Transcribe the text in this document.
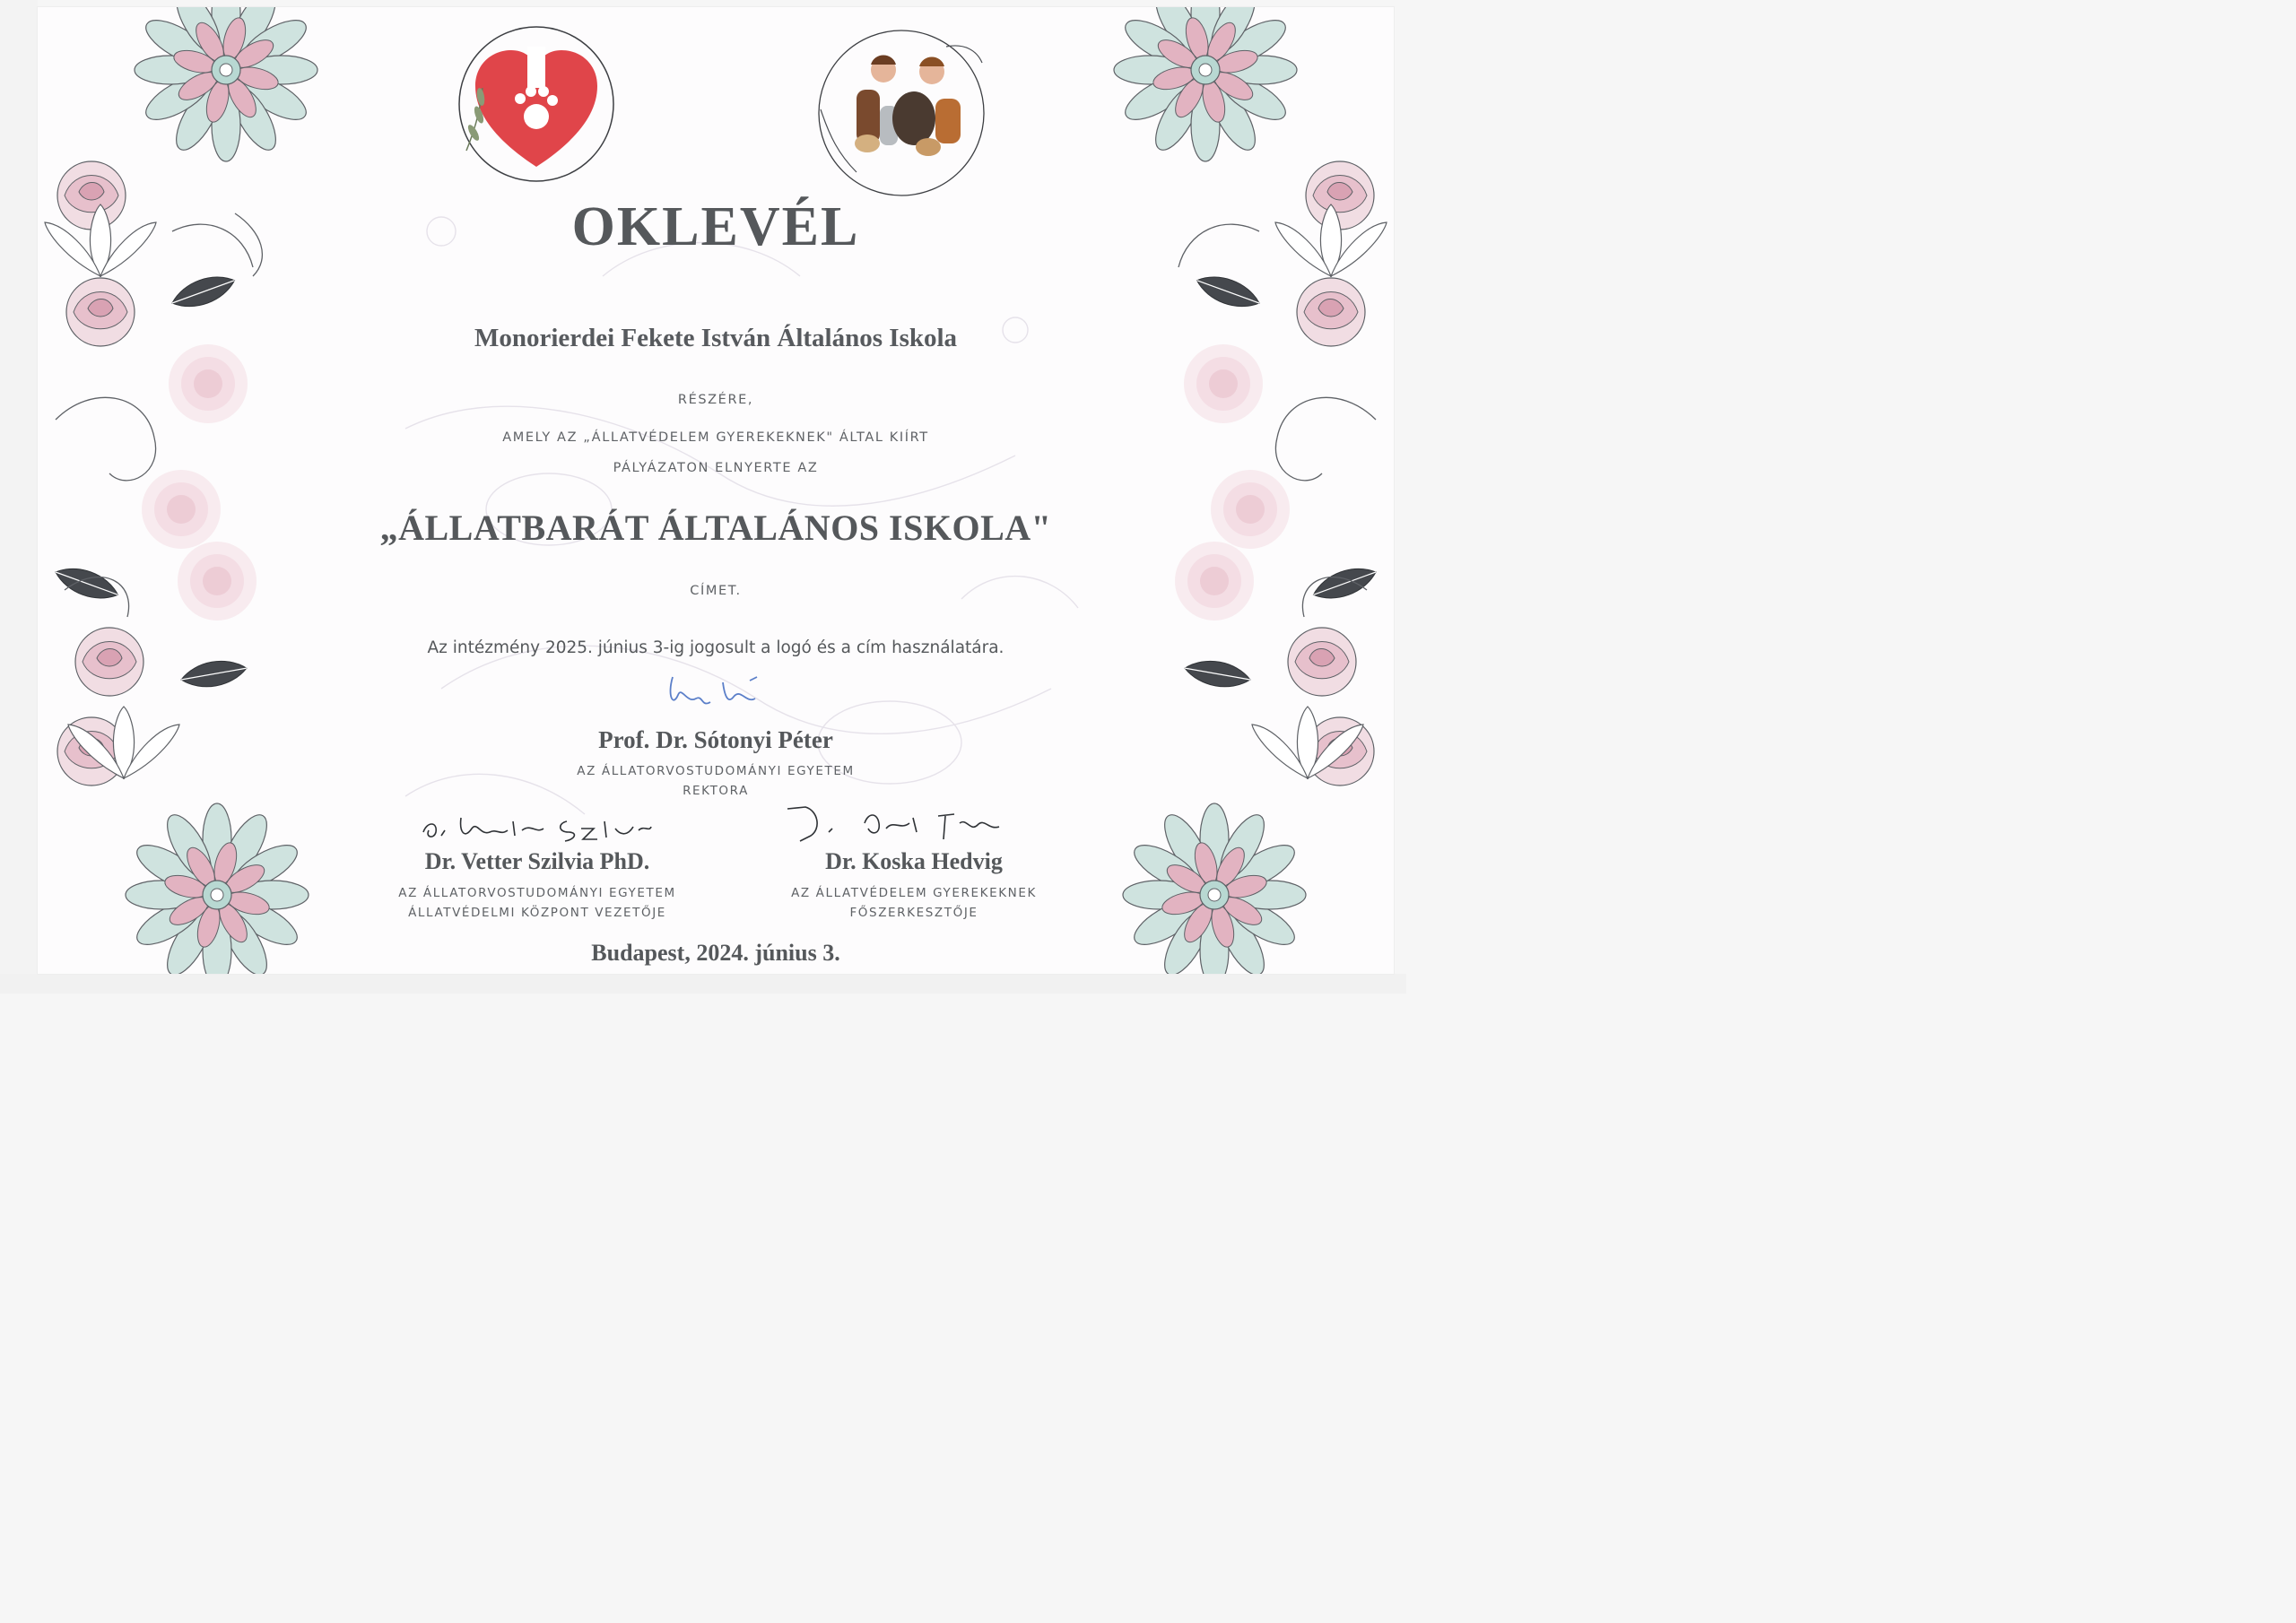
OKLEVÉL

Monorierdei Fekete István Általános Iskola

RÉSZÉRE,

AMELY AZ „ÁLLATVÉDELEM GYEREKEKNEK" ÁLTAL KIÍRT

PÁLYÁZATON ELNYERTE AZ

„ÁLLATBARÁT ÁLTALÁNOS ISKOLA"

CÍMET.

Az intézmény 2025. június 3-ig jogosult a logó és a cím használatára.

Prof. Dr. Sótonyi Péter

AZ ÁLLATORVOSTUDOMÁNYI EGYETEM

REKTORA

Dr. Vetter Szilvia PhD.

AZ ÁLLATORVOSTUDOMÁNYI EGYETEM

ÁLLATVÉDELMI KÖZPONT VEZETŐJE

Dr. Koska Hedvig

AZ ÁLLATVÉDELEM GYEREKEKNEK

FŐSZERKESZTŐJE

Budapest, 2024. június 3.
